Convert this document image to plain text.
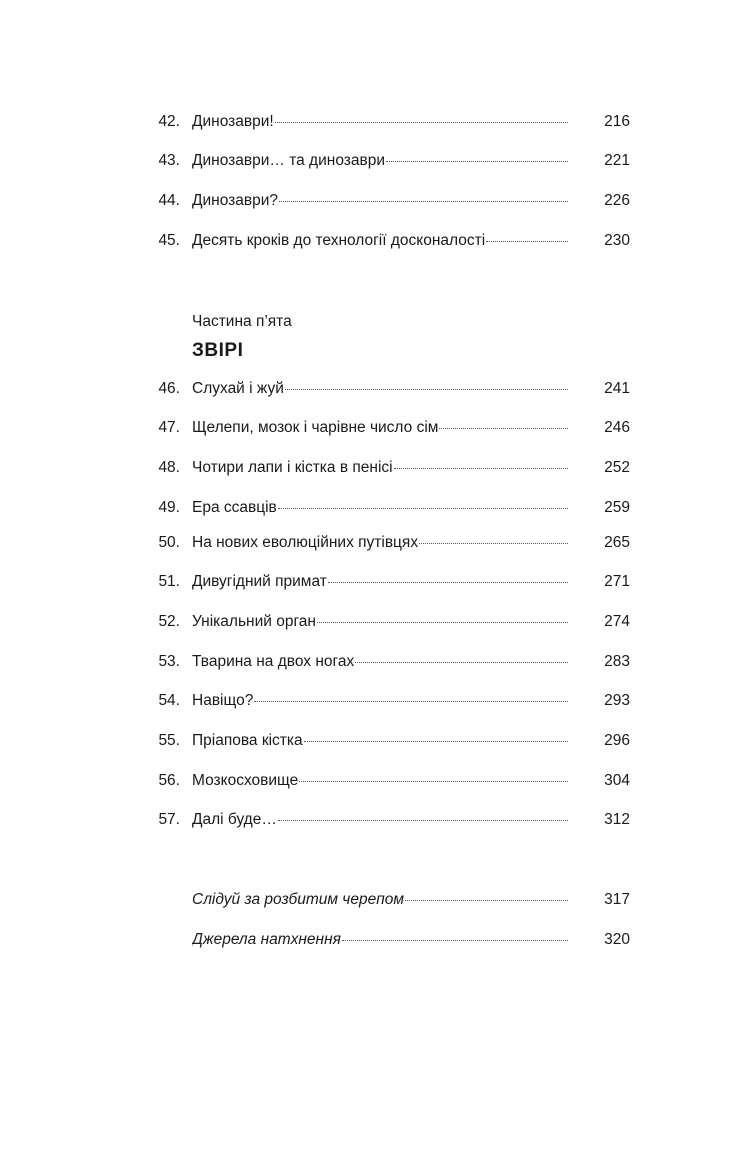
42. Динозаври!	216
43. Динозаври… та динозаври	221
44. Динозаври?	226
45. Десять кроків до технології досконалості	230
Частина п’ята
ЗВІРІ
46. Слухай і жуй	241
47. Щелепи, мозок і чарівне число сім	246
48. Чотири лапи і кістка в пенісі	252
49. Ера ссавців	259
50. На нових еволюційних путівцях	265
51. Дивугідний примат	271
52. Унікальний орган	274
53. Тварина на двох ногах	283
54. Навіщо?	293
55. Пріапова кістка	296
56. Мозкосховище	304
57. Далі буде…	312
Слідуй за розбитим черепом	317
Джерела натхнення	320
